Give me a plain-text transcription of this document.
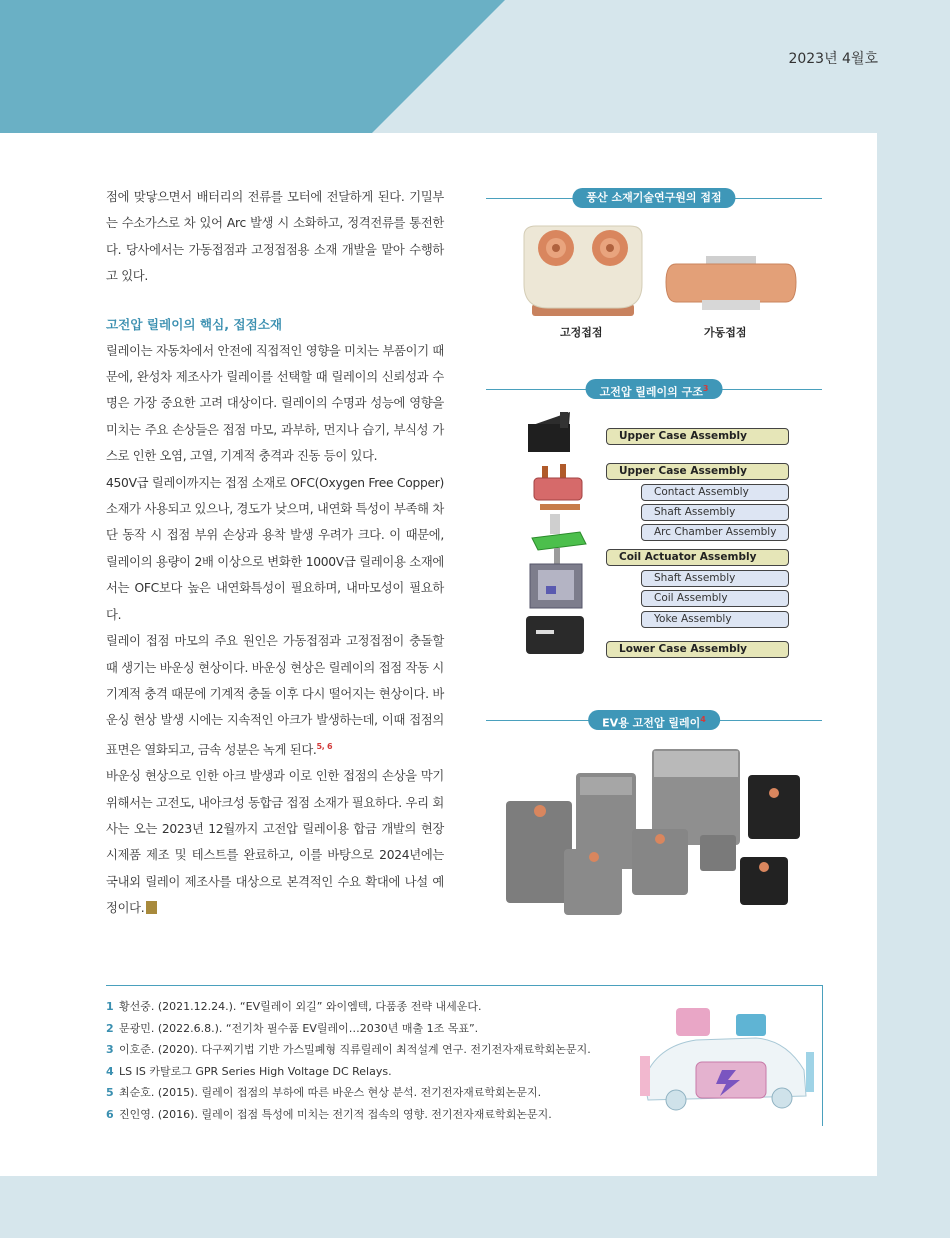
2023년 4월호

점에 맞닿으면서 배터리의 전류를 모터에 전달하게 된다. 기밀부는 수소가스로 차 있어 Arc 발생 시 소화하고, 정격전류를 통전한다. 당사에서는 가동접점과 고정접점용 소재 개발을 맡아 수행하고 있다.

고전압 릴레이의 핵심, 접점소재

릴레이는 자동차에서 안전에 직접적인 영향을 미치는 부품이기 때문에, 완성차 제조사가 릴레이를 선택할 때 릴레이의 신뢰성과 수명은 가장 중요한 고려 대상이다. 릴레이의 수명과 성능에 영향을 미치는 주요 손상들은 접점 마모, 과부하, 먼지나 습기, 부식성 가스로 인한 오염, 고열, 기계적 충격과 진동 등이 있다.

450V급 릴레이까지는 접점 소재로 OFC(Oxygen Free Copper) 소재가 사용되고 있으나, 경도가 낮으며, 내연화 특성이 부족해 차단 동작 시 접점 부위 손상과 용착 발생 우려가 크다. 이 때문에, 릴레이의 용량이 2배 이상으로 변화한 1000V급 릴레이용 소재에서는 OFC보다 높은 내연화특성이 필요하며, 내마모성이 필요하다.

릴레이 접점 마모의 주요 원인은 가동접점과 고정접점이 충돌할 때 생기는 바운싱 현상이다. 바운싱 현상은 릴레이의 접점 작동 시 기계적 충격 때문에 기계적 충돌 이후 다시 떨어지는 현상이다. 바운싱 현상 발생 시에는 지속적인 아크가 발생하는데, 이때 접점의 표면은 열화되고, 금속 성분은 녹게 된다.$^{5, 6}$

바운싱 현상으로 인한 아크 발생과 이로 인한 접점의 손상을 막기 위해서는 고전도, 내아크성 동합금 접점 소재가 필요하다. 우리 회사는 오는 2023년 12월까지 고전압 릴레이용 합금 개발의 현장 시제품 제조 및 테스트를 완료하고, 이를 바탕으로 2024년에는 국내외 릴레이 제조사를 대상으로 본격적인 수요 확대에 나설 예정이다.

풍산 소재기술연구원의 접점
고정접점	가동접점
고전압 릴레이의 구조$^3$
Upper Case Assembly
Upper Case Assembly
Contact Assembly
Shaft Assembly
Arc Chamber Assembly
Coil Actuator Assembly
Shaft Assembly
Coil Assembly
Yoke Assembly
Lower Case Assembly
EV용 고전압 릴레이$^4$
1 황선중. (2021.12.24.). “EV릴레이 외길” 와이엠텍, 다품종 전략 내세운다.
2 문광민. (2022.6.8.). “전기차 필수품 EV릴레이…2030년 매출 1조 목표”.
3 이호준. (2020). 다구찌기법 기반 가스밀폐형 직류릴레이 최적설계 연구. 전기전자재료학회논문지.
4 LS IS 카탈로그 GPR Series High Voltage DC Relays.
5 최순호. (2015). 릴레이 접점의 부하에 따른 바운스 현상 분석. 전기전자재료학회논문지.
6 진인영. (2016). 릴레이 접점 특성에 미치는 전기적 접속의 영향. 전기전자재료학회논문지.
